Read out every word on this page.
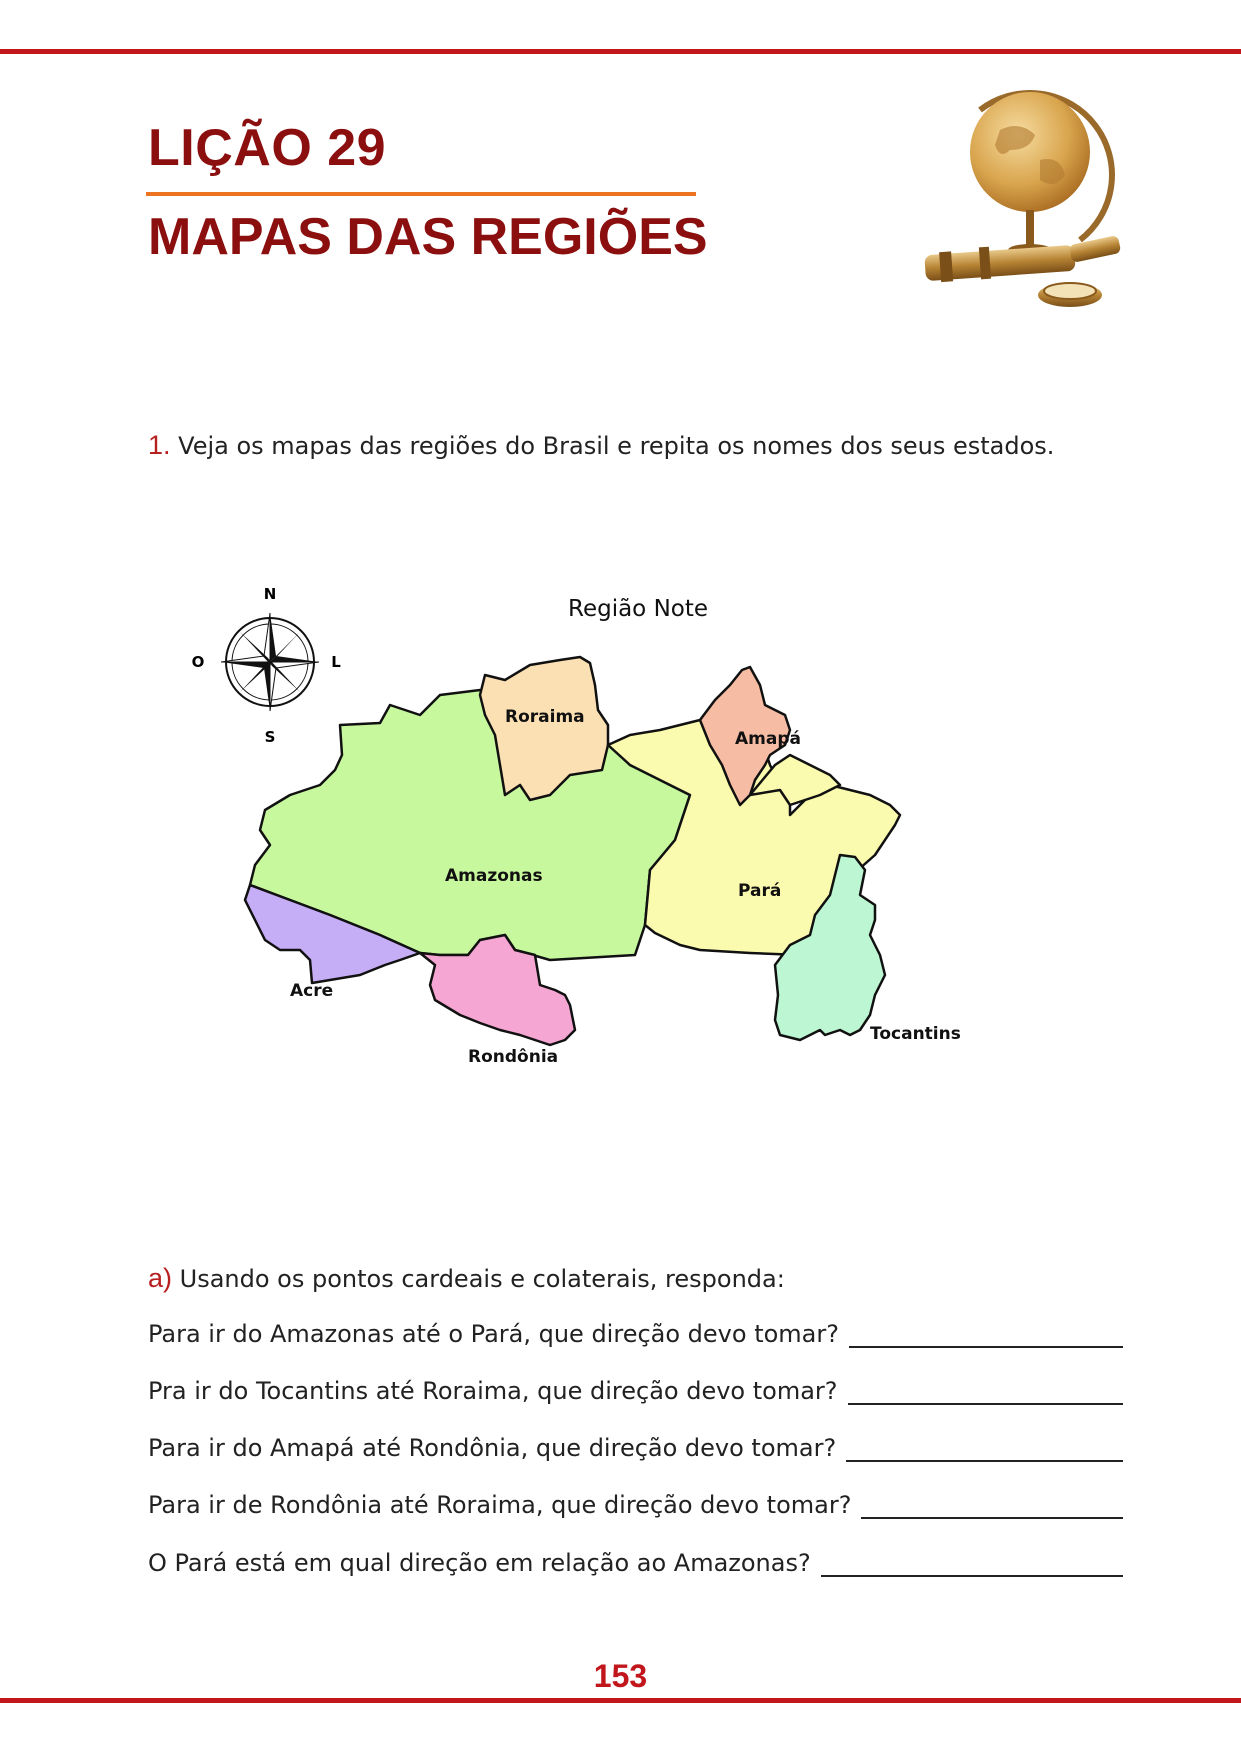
LIÇÃO 29
MAPAS DAS REGIÕES
1. Veja os mapas das regiões do Brasil e repita os nomes dos seus estados.
Região Note
N
S
O	L
Roraima
Amapá
Amazonas
Pará
Acre
Rondônia
Tocantins
a) Usando os pontos cardeais e colaterais, responda:
Para ir do Amazonas até o Pará, que direção devo tomar?
Pra ir do Tocantins até Roraima, que direção devo tomar?
Para ir do Amapá até Rondônia, que direção devo tomar?
Para ir de Rondônia até Roraima, que direção devo tomar?
O Pará está em qual direção em relação ao Amazonas?
153
